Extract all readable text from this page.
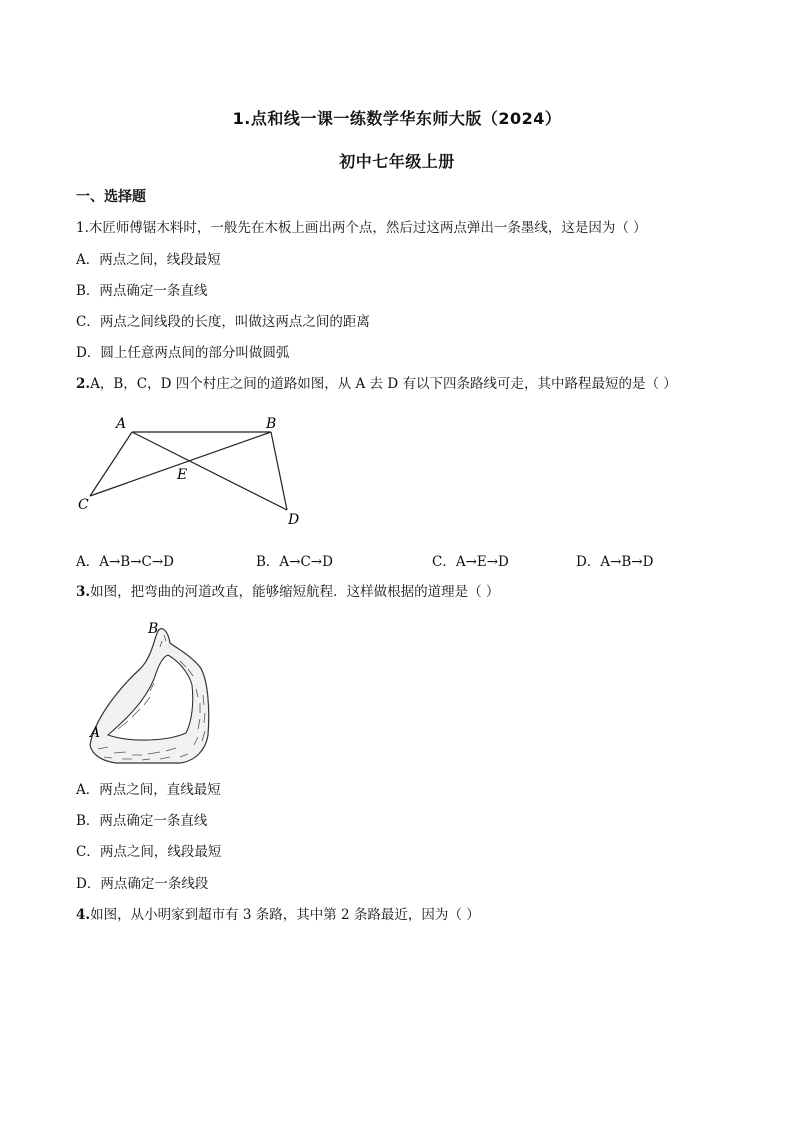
1.点和线一课一练数学华东师大版（2024）
初中七年级上册
一、选择题
1.木匠师傅锯木料时，一般先在木板上画出两个点，然后过这两点弹出一条墨线，这是因为（ ）
A．两点之间，线段最短
B．两点确定一条直线
C．两点之间线段的长度，叫做这两点之间的距离
D．圆上任意两点间的部分叫做圆弧
2.A，B，C，D 四个村庄之间的道路如图，从 A 去 D 有以下四条路线可走，其中路程最短的是（ ）
A	B
C
D
E
A．A→B→C→D	B．A→C→D	C．A→E→D	D．A→B→D
3.如图，把弯曲的河道改直，能够缩短航程．这样做根据的道理是（ ）
B
A
A．两点之间，直线最短
B．两点确定一条直线
C．两点之间，线段最短
D．两点确定一条线段
4.如图，从小明家到超市有 3 条路，其中第 2 条路最近，因为（ ）
